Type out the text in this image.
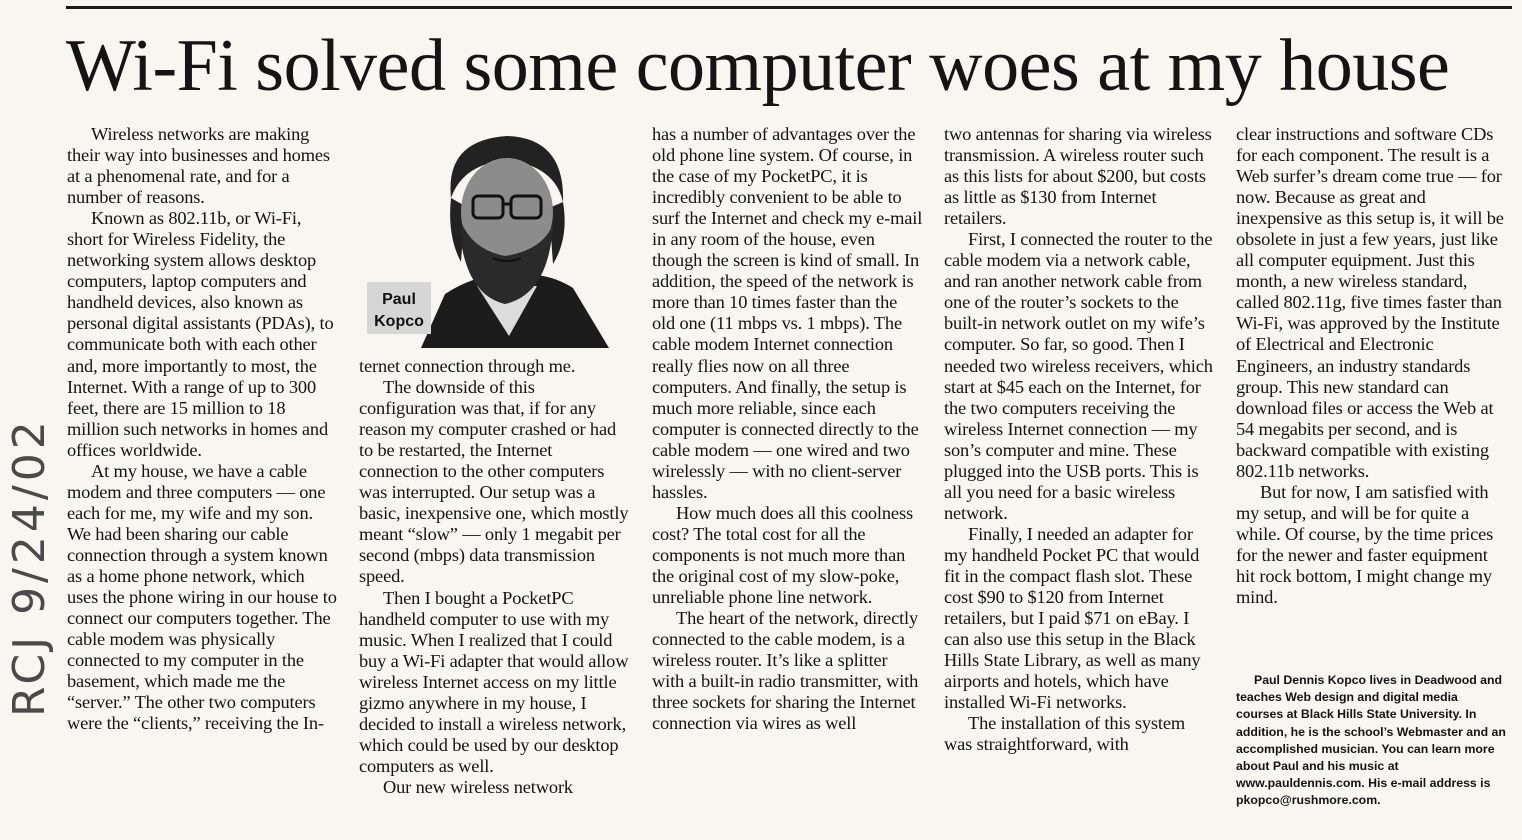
Wi-Fi solved some computer woes at my house
RCJ 9/24/02

Wireless networks are making their way into businesses and homes at a phenomenal rate, and for a number of reasons.

Known as 802.11b, or Wi-Fi, short for Wireless Fidelity, the networking system allows desktop computers, laptop computers and handheld devices, also known as personal digital assistants (PDAs), to communicate both with each other and, more importantly to most, the Internet. With a range of up to 300 feet, there are 15 million to 18 million such networks in homes and offices worldwide.

At my house, we have a cable modem and three computers — one each for me, my wife and my son. We had been sharing our cable connection through a system known as a home phone network, which uses the phone wiring in our house to connect our computers together. The cable modem was physically connected to my computer in the basement, which made me the “server.” The other two computers were the “clients,” receiving the In-

Paul
Kopco

ternet connection through me.

The downside of this configuration was that, if for any reason my computer crashed or had to be restarted, the Internet connection to the other computers was interrupted. Our setup was a basic, inexpensive one, which mostly meant “slow” — only 1 megabit per second (mbps) data transmission speed.

Then I bought a PocketPC handheld computer to use with my music. When I realized that I could buy a Wi-Fi adapter that would allow wireless Internet access on my little gizmo anywhere in my house, I decided to install a wireless network, which could be used by our desktop computers as well.

Our new wireless network

has a number of advantages over the old phone line system. Of course, in the case of my PocketPC, it is incredibly convenient to be able to surf the Internet and check my e-mail in any room of the house, even though the screen is kind of small. In addition, the speed of the network is more than 10 times faster than the old one (11 mbps vs. 1 mbps). The cable modem Internet connection really flies now on all three computers. And finally, the setup is much more reliable, since each computer is connected directly to the cable modem — one wired and two wirelessly — with no client-server hassles.

How much does all this coolness cost? The total cost for all the components is not much more than the original cost of my slow-poke, unreliable phone line network.

The heart of the network, directly connected to the cable modem, is a wireless router. It’s like a splitter with a built-in radio transmitter, with three sockets for sharing the Internet connection via wires as well

two antennas for sharing via wireless transmission. A wireless router such as this lists for about $200, but costs as little as $130 from Internet retailers.

First, I connected the router to the cable modem via a network cable, and ran another network cable from one of the router’s sockets to the built-in network outlet on my wife’s computer. So far, so good. Then I needed two wireless receivers, which start at $45 each on the Internet, for the two computers receiving the wireless Internet connection — my son’s computer and mine. These plugged into the USB ports. This is all you need for a basic wireless network.

Finally, I needed an adapter for my handheld Pocket PC that would fit in the compact flash slot. These cost $90 to $120 from Internet retailers, but I paid $71 on eBay. I can also use this setup in the Black Hills State Library, as well as many airports and hotels, which have installed Wi-Fi networks.

The installation of this system was straightforward, with

clear instructions and software CDs for each component. The result is a Web surfer’s dream come true — for now. Because as great and inexpensive as this setup is, it will be obsolete in just a few years, just like all computer equipment. Just this month, a new wireless standard, called 802.11g, five times faster than Wi-Fi, was approved by the Institute of Electrical and Electronic Engineers, an industry standards group. This new standard can download files or access the Web at 54 megabits per second, and is backward compatible with existing 802.11b networks.

But for now, I am satisfied with my setup, and will be for quite a while. Of course, by the time prices for the newer and faster equipment hit rock bottom, I might change my mind.

Paul Dennis Kopco lives in Deadwood and teaches Web design and digital media courses at Black Hills State University. In addition, he is the school’s Webmaster and an accomplished musician. You can learn more about Paul and his music at www.pauldennis.com. His e-mail address is pkopco@rushmore.com.
